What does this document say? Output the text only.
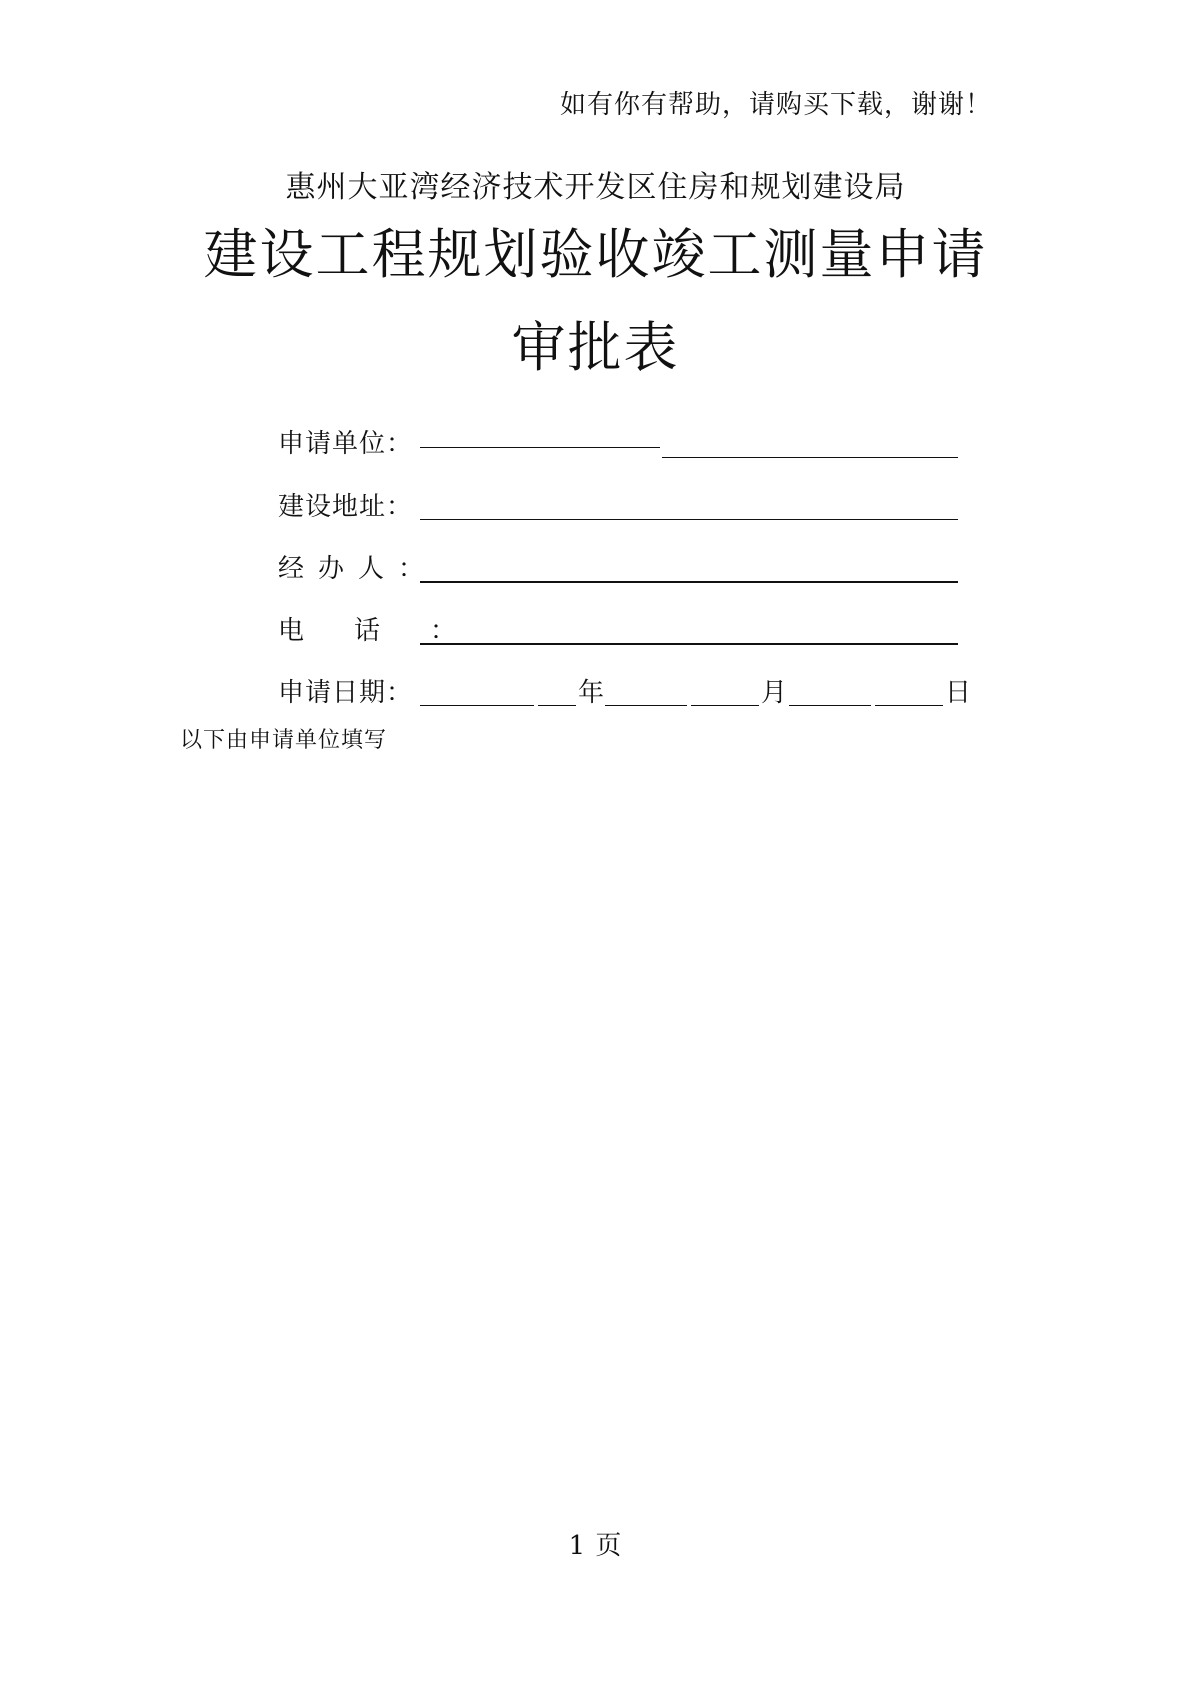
如有你有帮助，请购买下载，谢谢！
惠州大亚湾经济技术开发区住房和规划建设局
建设工程规划验收竣工测量申请
审批表
申请单位：
建设地址：
经办人：
电话：
申请日期：	年	月	日
以下由申请单位填写
1 页
